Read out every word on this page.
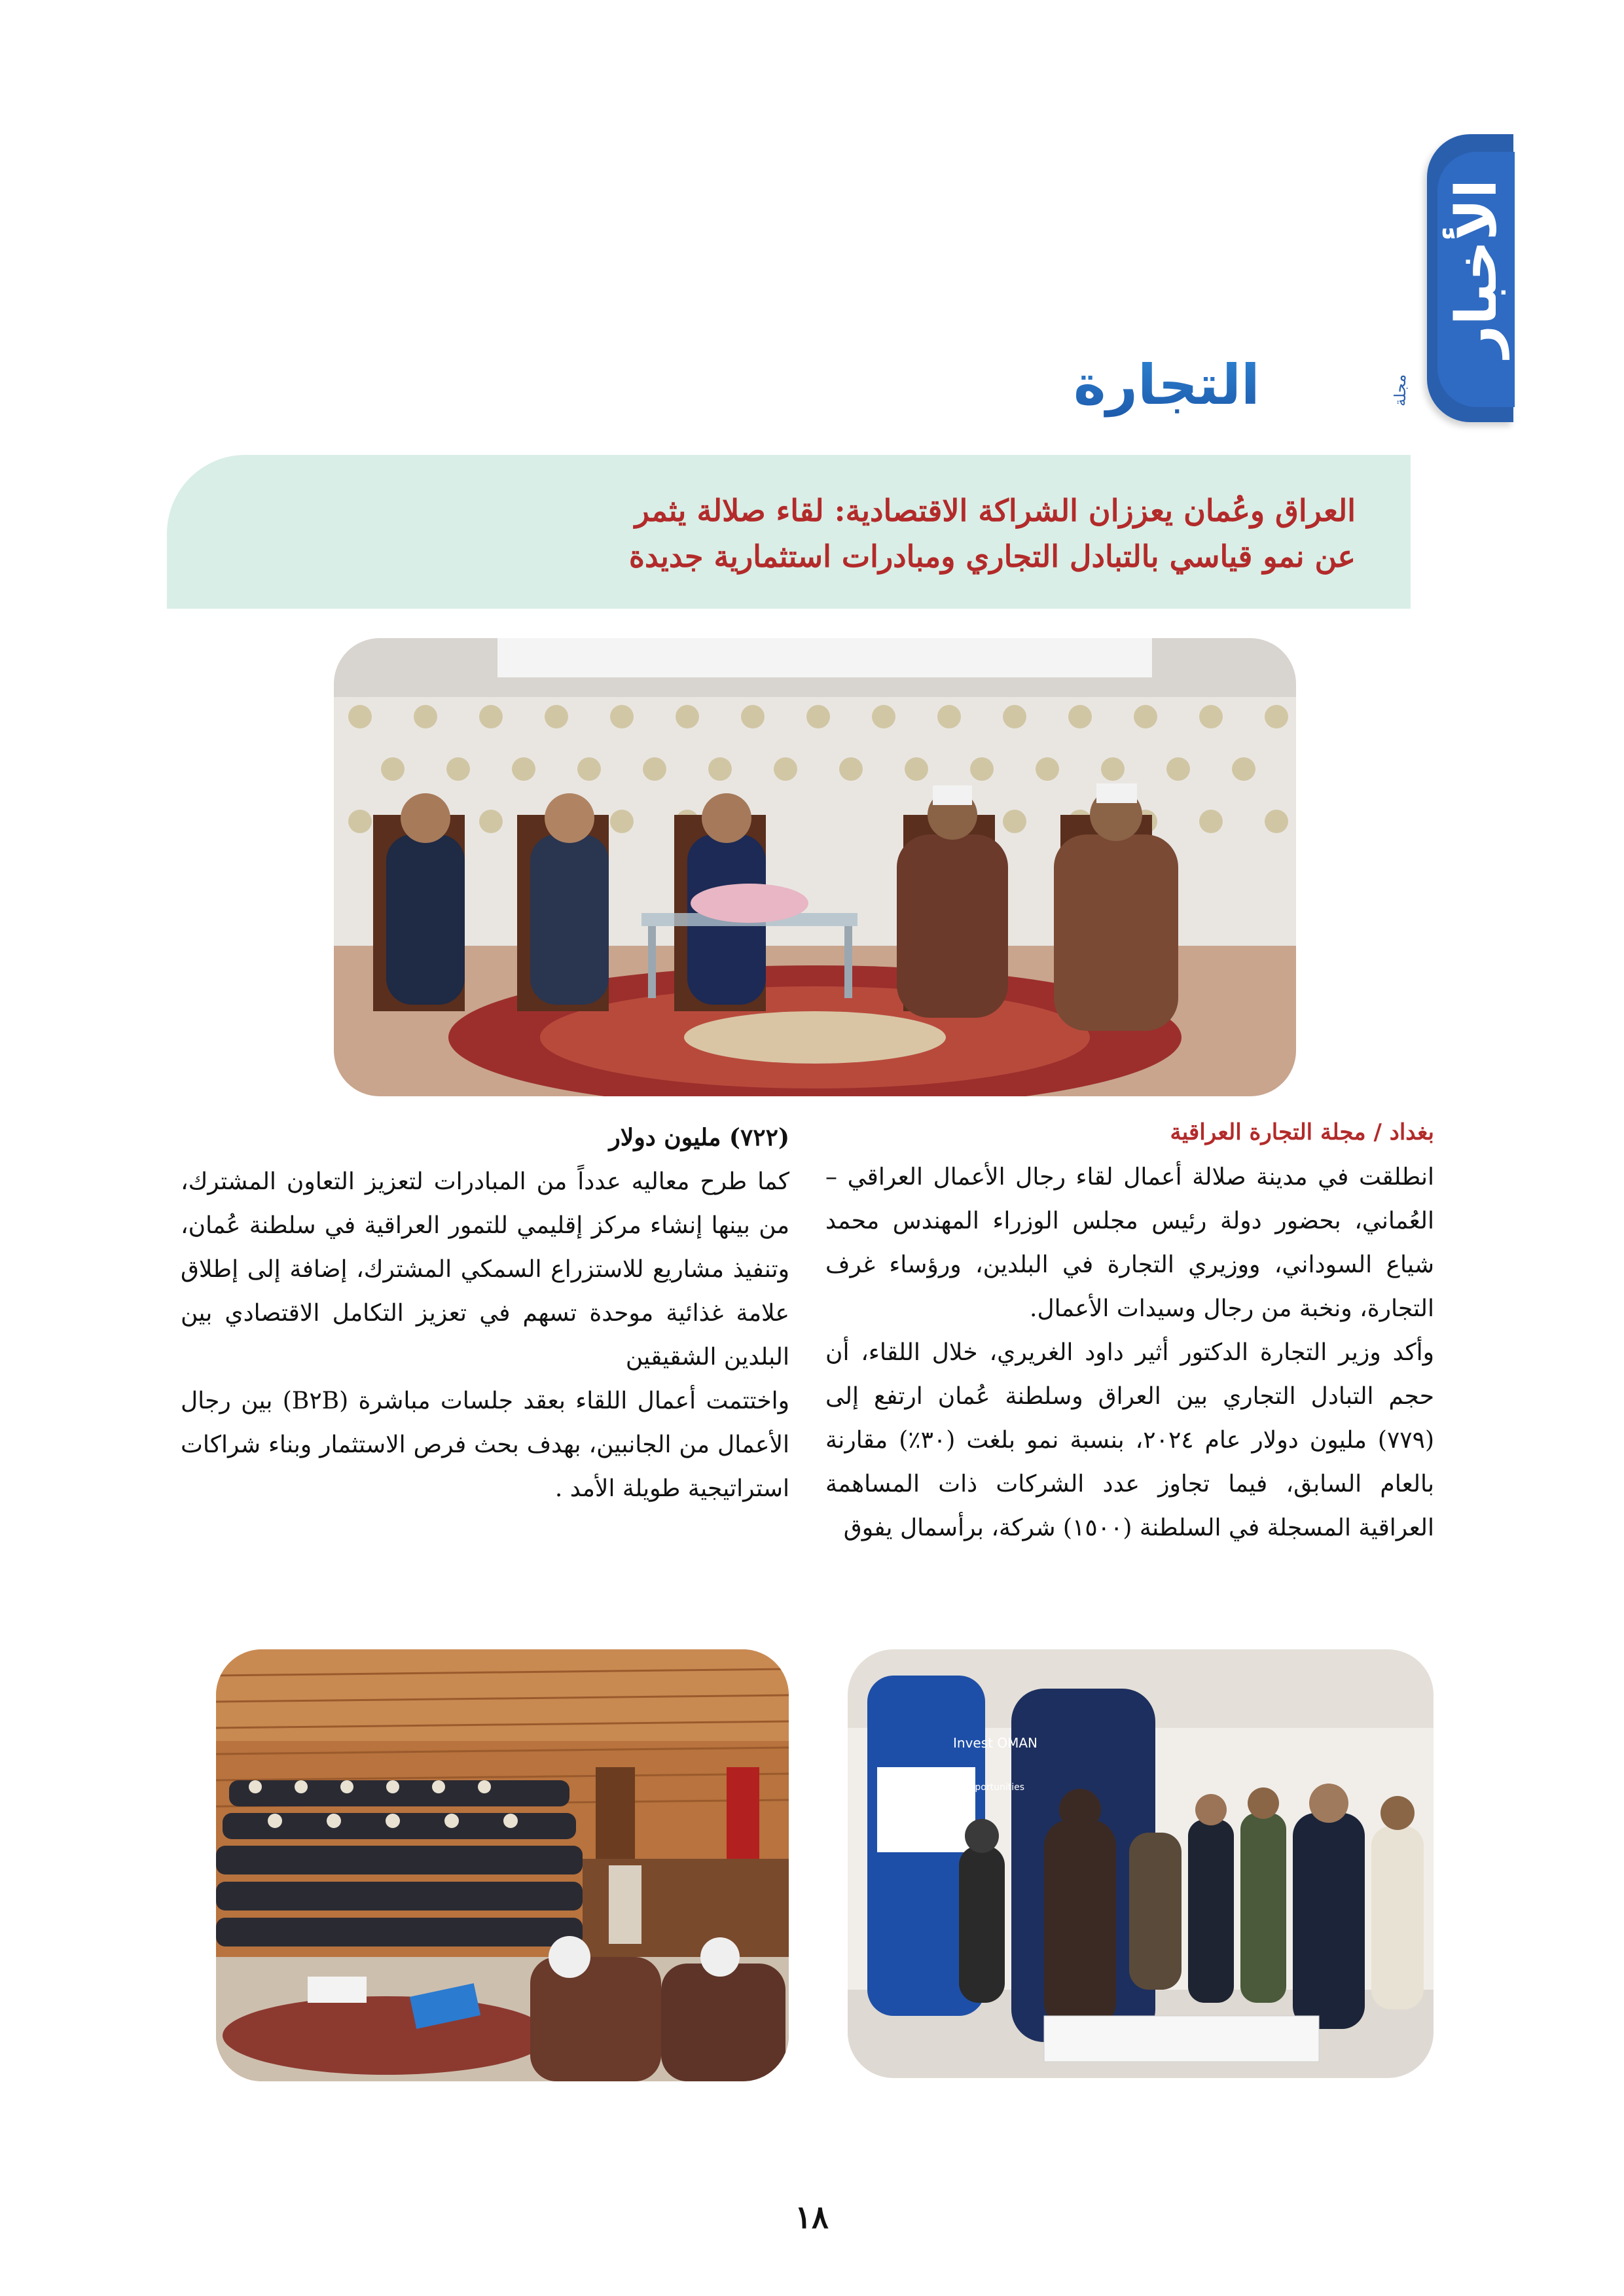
الأخبار
مجلة
التجارة
العراق وعُمان يعززان الشراكة الاقتصادية: لقاء صلالة يثمر
عن نمو قياسي بالتبادل التجاري ومبادرات استثمارية جديدة
بغداد / مجلة التجارة العراقية

انطلقت في مدينة صلالة أعمال لقاء رجال الأعمال العراقي – العُماني، بحضور دولة رئيس مجلس الوزراء المهندس محمد شياع السوداني، ووزيري التجارة في البلدين، ورؤساء غرف التجارة، ونخبة من رجال وسيدات الأعمال.

وأكد وزير التجارة الدكتور أثير داود الغريري، خلال اللقاء، أن حجم التبادل التجاري بين العراق وسلطنة عُمان ارتفع إلى (٧٧٩) مليون دولار عام ٢٠٢٤، بنسبة نمو بلغت (٣٠٪) مقارنة بالعام السابق، فيما تجاوز عدد الشركات ذات المساهمة العراقية المسجلة في السلطنة (١٥٠٠) شركة، برأسمال يفوق

(٧٢٢) مليون دولار

كما طرح معاليه عدداً من المبادرات لتعزيز التعاون المشترك، من بينها إنشاء مركز إقليمي للتمور العراقية في سلطنة عُمان، وتنفيذ مشاريع للاستزراع السمكي المشترك، إضافة إلى إطلاق علامة غذائية موحدة تسهم في تعزيز التكامل الاقتصادي بين البلدين الشقيقين

واختتمت أعمال اللقاء بعقد جلسات مباشرة (B٢B) بين رجال الأعمال من الجانبين، بهدف بحث فرص الاستثمار وبناء شراكات استراتيجية طويلة الأمد .

Invest OMAN
Oman's world of opportunities
١٨
